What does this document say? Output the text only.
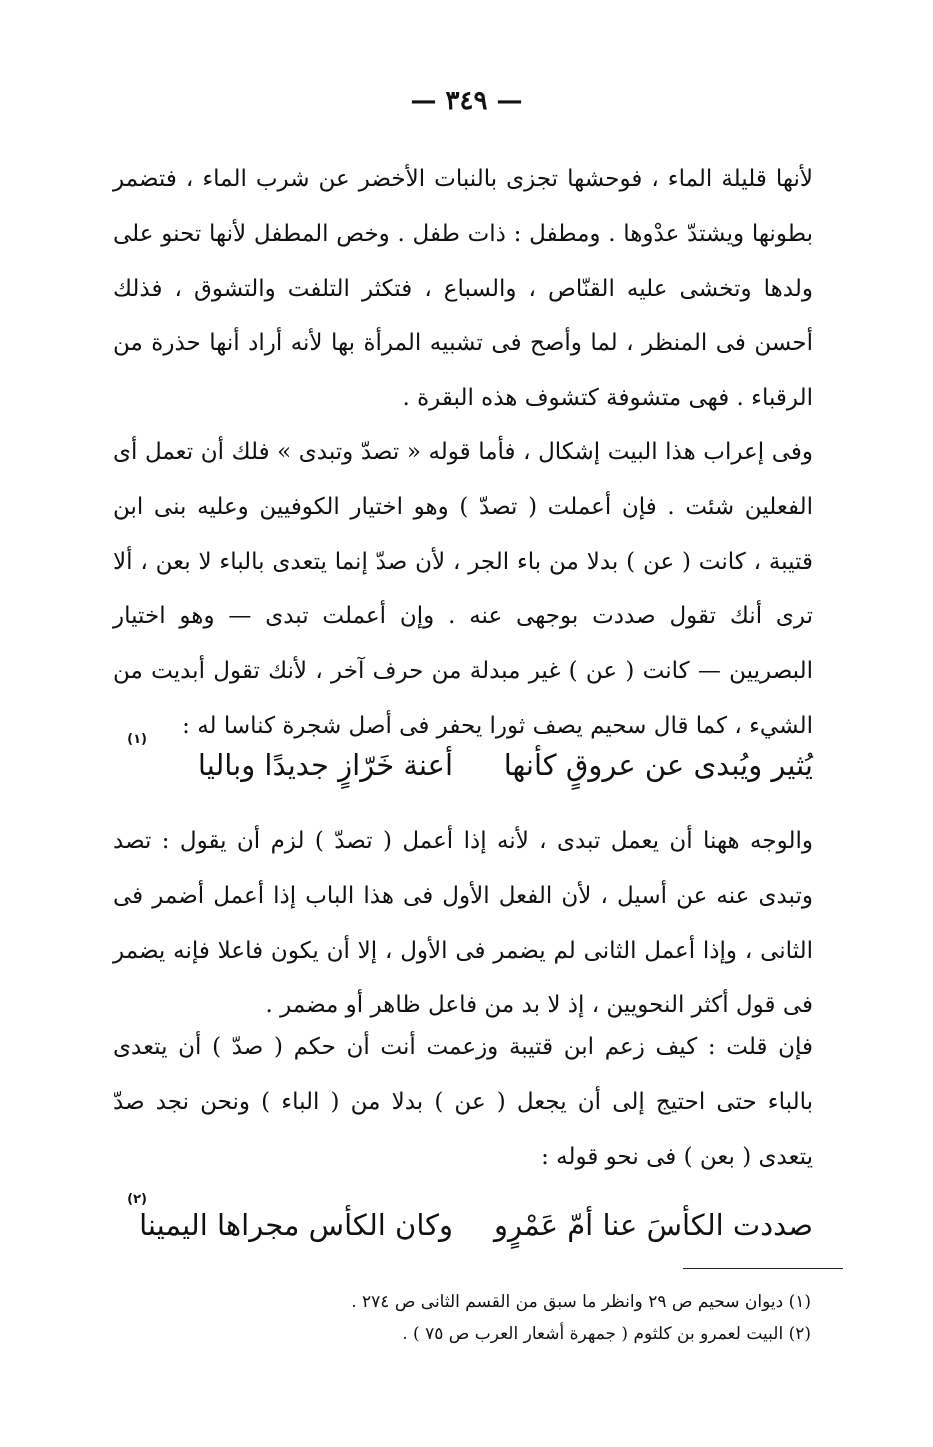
— ٣٤٩ —

لأنها قليلة الماء ، فوحشها تجزى بالنبات الأخضر عن شرب الماء ، فتضمر بطونها ويشتدّ عدْوها . ومطفل : ذات طفل . وخص المطفل لأنها تحنو على ولدها وتخشى عليه القنّاص ، والسباع ، فتكثر التلفت والتشوق ، فذلك أحسن فى المنظر ، لما وأصح فى تشبيه المرأة بها لأنه أراد أنها حذرة من الرقباء . فهى متشوفة كتشوف هذه البقرة .

وفى إعراب هذا البيت إشكال ، فأما قوله « تصدّ وتبدى » فلك أن تعمل أى الفعلين شئت . فإن أعملت ( تصدّ ) وهو اختيار الكوفيين وعليه بنى ابن قتيبة ، كانت ( عن ) بدلا من باء الجر ، لأن صدّ إنما يتعدى بالباء لا بعن ، ألا ترى أنك تقول صددت بوجهى عنه . وإن أعملت تبدى — وهو اختيار البصريين — كانت ( عن ) غير مبدلة من حرف آخر ، لأنك تقول أبديت من الشيء ، كما قال سحيم يصف ثورا يحفر فى أصل شجرة كناسا له :

(١)
يُثير ويُبدى عن عروقٍ كأنها
أعنة خَرّازٍ جديدًا وباليا

والوجه ههنا أن يعمل تبدى ، لأنه إذا أعمل ( تصدّ ) لزم أن يقول : تصد وتبدى عنه عن أسيل ، لأن الفعل الأول فى هذا الباب إذا أعمل أضمر فى الثانى ، وإذا أعمل الثانى لم يضمر فى الأول ، إلا أن يكون فاعلا فإنه يضمر فى قول أكثر النحويين ، إذ لا بد من فاعل ظاهر أو مضمر .

فإن قلت : كيف زعم ابن قتيبة وزعمت أنت أن حكم ( صدّ ) أن يتعدى بالباء حتى احتيج إلى أن يجعل ( عن ) بدلا من ( الباء ) ونحن نجد صدّ يتعدى ( بعن ) فى نحو قوله :

(٢)
صددت الكأسَ عنا أمّ عَمْرٍو
وكان الكأس مجراها اليمينا
(١) ديوان سحيم ص ٢٩ وانظر ما سبق من القسم الثانى ص ٢٧٤ .
(٢) البيت لعمرو بن كلثوم ( جمهرة أشعار العرب ص ٧٥ ) .
